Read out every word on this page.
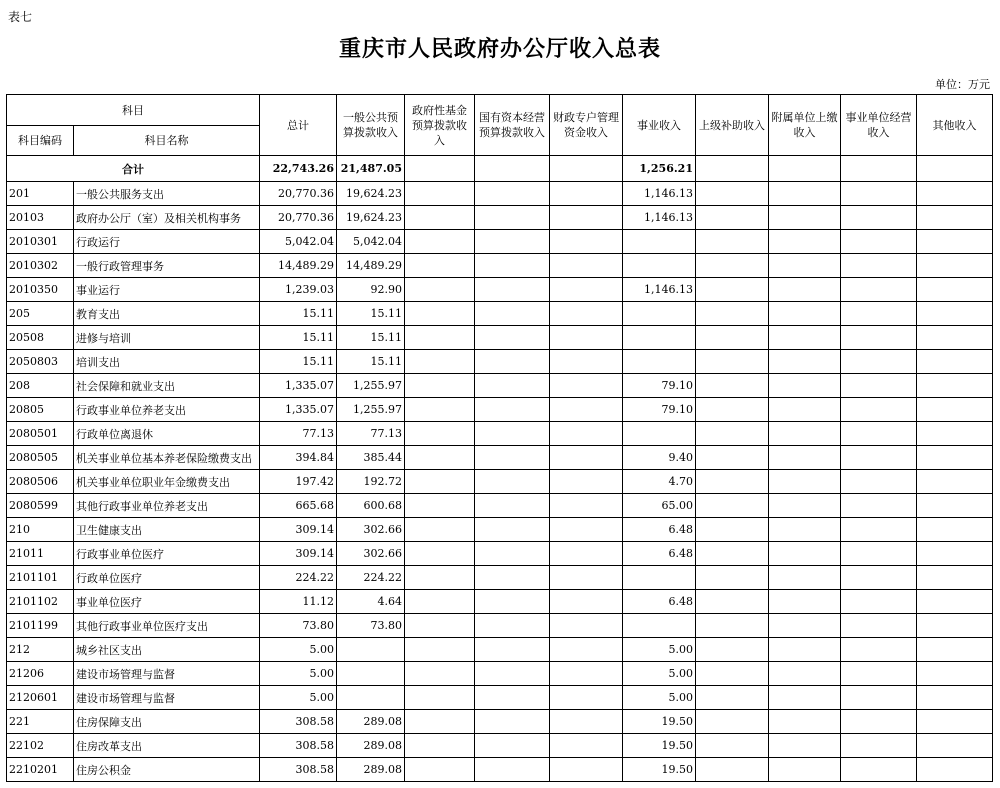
表七
重庆市人民政府办公厅收入总表
单位：万元
科目		总计	一般公共预算拨款收入	政府性基金预算拨款收入	国有资本经营预算拨款收入	财政专户管理资金收入	事业收入	上级补助收入	附属单位上缴收入	事业单位经营收入	其他收入
科目编码	科目名称										
合计		22,743.26	21,487.05				1,256.21				
201	一般公共服务支出	20,770.36	19,624.23				1,146.13				
20103	政府办公厅（室）及相关机构事务	20,770.36	19,624.23				1,146.13				
2010301	行政运行	5,042.04	5,042.04								
2010302	一般行政管理事务	14,489.29	14,489.29								
2010350	事业运行	1,239.03	92.90				1,146.13				
205	教育支出	15.11	15.11								
20508	进修与培训	15.11	15.11								
2050803	培训支出	15.11	15.11								
208	社会保障和就业支出	1,335.07	1,255.97				79.10				
20805	行政事业单位养老支出	1,335.07	1,255.97				79.10				
2080501	行政单位离退休	77.13	77.13								
2080505	机关事业单位基本养老保险缴费支出	394.84	385.44				9.40				
2080506	机关事业单位职业年金缴费支出	197.42	192.72				4.70				
2080599	其他行政事业单位养老支出	665.68	600.68				65.00				
210	卫生健康支出	309.14	302.66				6.48				
21011	行政事业单位医疗	309.14	302.66				6.48				
2101101	行政单位医疗	224.22	224.22								
2101102	事业单位医疗	11.12	4.64				6.48				
2101199	其他行政事业单位医疗支出	73.80	73.80								
212	城乡社区支出	5.00					5.00				
21206	建设市场管理与监督	5.00					5.00				
2120601	建设市场管理与监督	5.00					5.00				
221	住房保障支出	308.58	289.08				19.50				
22102	住房改革支出	308.58	289.08				19.50				
2210201	住房公积金	308.58	289.08				19.50				
